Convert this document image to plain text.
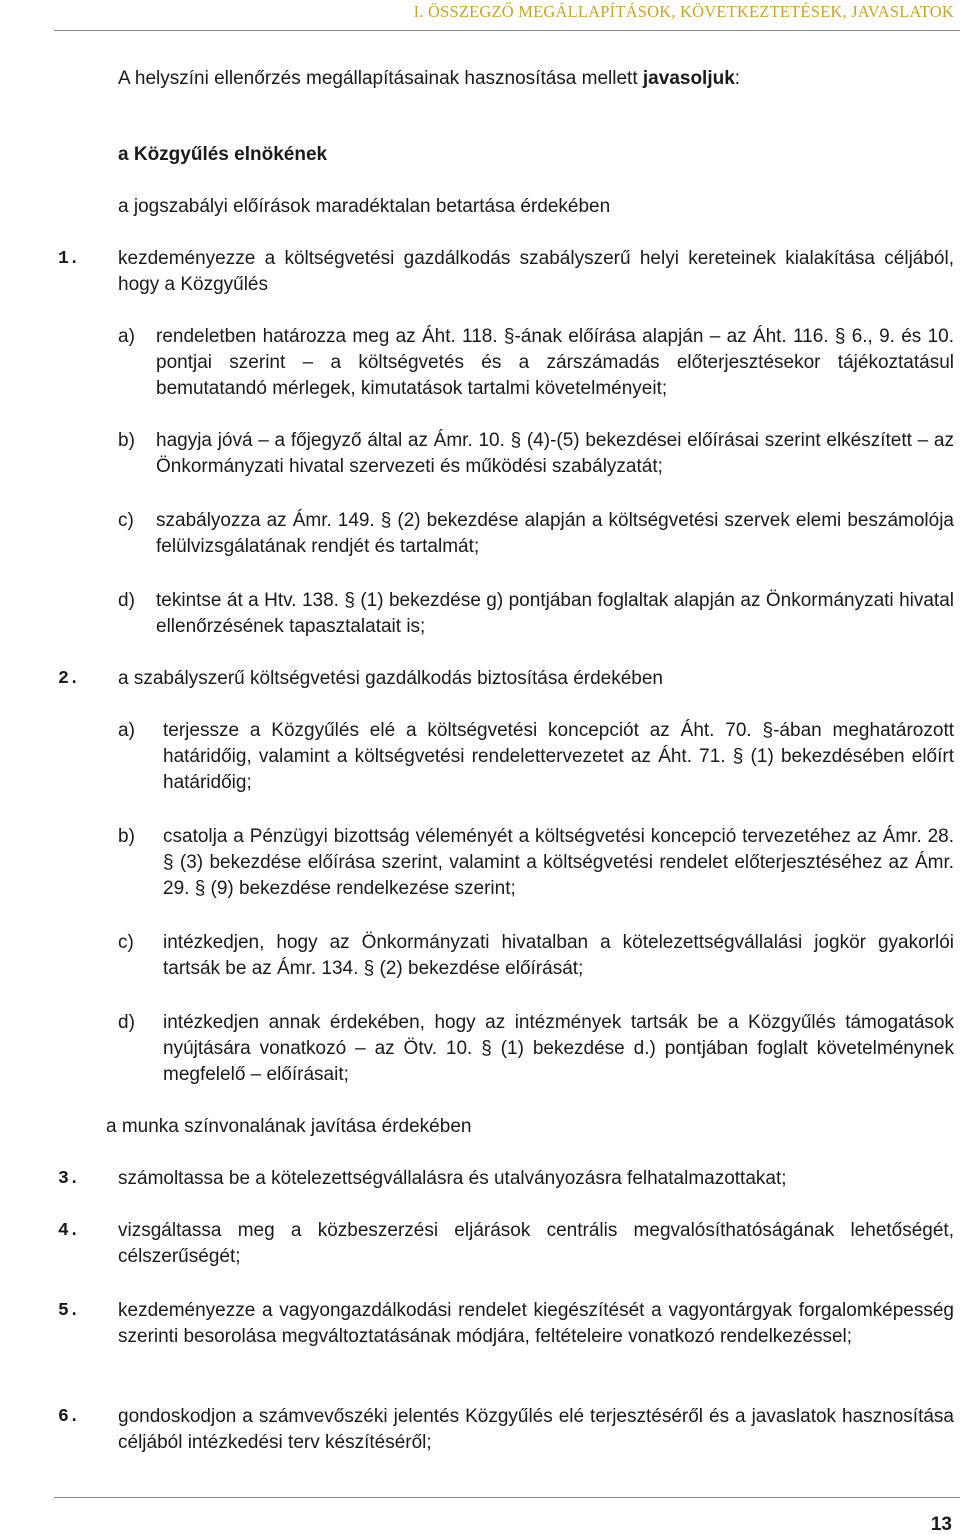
I. ÖSSZEGZŐ MEGÁLLAPÍTÁSOK, KÖVETKEZTETÉSEK, JAVASLATOK

A helyszíni ellenőrzés megállapításainak hasznosítása mellett javasoljuk:

a Közgyűlés elnökének

a jogszabályi előírások maradéktalan betartása érdekében

1. kezdeményezze a költségvetési gazdálkodás szabályszerű helyi kereteinek kialakítása céljából, hogy a Közgyűlés

a) rendeletben határozza meg az Áht. 118. §-ának előírása alapján – az Áht. 116. § 6., 9. és 10. pontjai szerint – a költségvetés és a zárszámadás előterjesztésekor tájékoztatásul bemutatandó mérlegek, kimutatások tartalmi követelményeit;

b) hagyja jóvá – a főjegyző által az Ámr. 10. § (4)-(5) bekezdései előírásai szerint elkészített – az Önkormányzati hivatal szervezeti és működési szabályzatát;

c) szabályozza az Ámr. 149. § (2) bekezdése alapján a költségvetési szervek elemi beszámolója felülvizsgálatának rendjét és tartalmát;

d) tekintse át a Htv. 138. § (1) bekezdése g) pontjában foglaltak alapján az Önkormányzati hivatal ellenőrzésének tapasztalatait is;

2. a szabályszerű költségvetési gazdálkodás biztosítása érdekében

a) terjessze a Közgyűlés elé a költségvetési koncepciót az Áht. 70. §-ában meghatározott határidőig, valamint a költségvetési rendelettervezetet az Áht. 71. § (1) bekezdésében előírt határidőig;

b) csatolja a Pénzügyi bizottság véleményét a költségvetési koncepció tervezetéhez az Ámr. 28. § (3) bekezdése előírása szerint, valamint a költségvetési rendelet előterjesztéséhez az Ámr. 29. § (9) bekezdése rendelkezése szerint;

c) intézkedjen, hogy az Önkormányzati hivatalban a kötelezettségvállalási jogkör gyakorlói tartsák be az Ámr. 134. § (2) bekezdése előírását;

d) intézkedjen annak érdekében, hogy az intézmények tartsák be a Közgyűlés támogatások nyújtására vonatkozó – az Ötv. 10. § (1) bekezdése d.) pontjában foglalt követelménynek megfelelő – előírásait;

a munka színvonalának javítása érdekében

3. számoltassa be a kötelezettségvállalásra és utalványozásra felhatalmazottakat;

4. vizsgáltassa meg a közbeszerzési eljárások centrális megvalósíthatóságának lehetőségét, célszerűségét;

5. kezdeményezze a vagyongazdálkodási rendelet kiegészítését a vagyontárgyak forgalomképesség szerinti besorolása megváltoztatásának módjára, feltételeire vonatkozó rendelkezéssel;

6. gondoskodjon a számvevőszéki jelentés Közgyűlés elé terjesztéséről és a javaslatok hasznosítása céljából intézkedési terv készítéséről;

13
